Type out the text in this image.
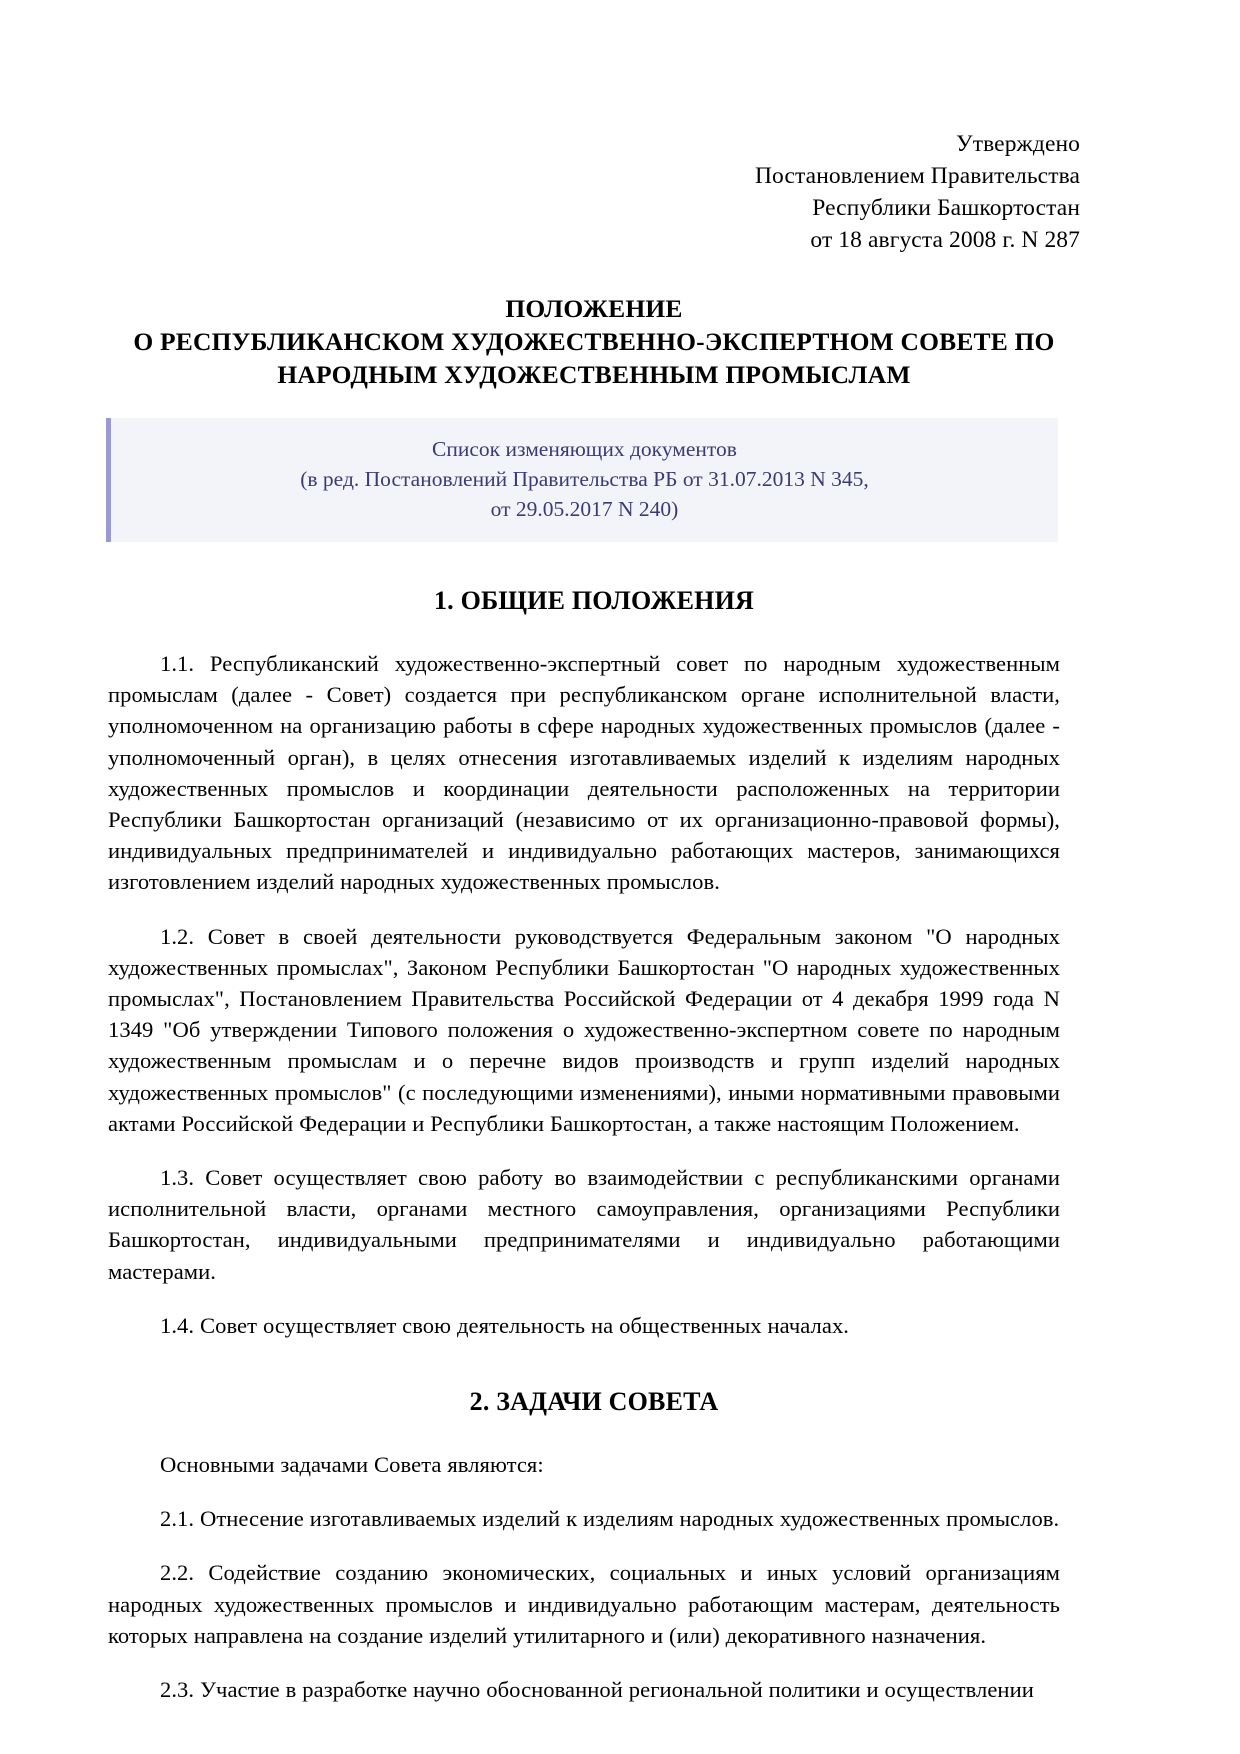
Утверждено
Постановлением Правительства
Республики Башкортостан
от 18 августа 2008 г. N 287
ПОЛОЖЕНИЕ
О РЕСПУБЛИКАНСКОМ ХУДОЖЕСТВЕННО-ЭКСПЕРТНОМ СОВЕТЕ ПО
НАРОДНЫМ ХУДОЖЕСТВЕННЫМ ПРОМЫСЛАМ
Список изменяющих документов
(в ред. Постановлений Правительства РБ от 31.07.2013 N 345,
от 29.05.2017 N 240)
1. ОБЩИЕ ПОЛОЖЕНИЯ

1.1. Республиканский художественно-экспертный совет по народным художественным промыслам (далее - Совет) создается при республиканском органе исполнительной власти, уполномоченном на организацию работы в сфере народных художественных промыслов (далее - уполномоченный орган), в целях отнесения изготавливаемых изделий к изделиям народных художественных промыслов и координации деятельности расположенных на территории Республики Башкортостан организаций (независимо от их организационно-правовой формы), индивидуальных предпринимателей и индивидуально работающих мастеров, занимающихся изготовлением изделий народных художественных промыслов.

1.2. Совет в своей деятельности руководствуется Федеральным законом "О народных художественных промыслах", Законом Республики Башкортостан "О народных художественных промыслах", Постановлением Правительства Российской Федерации от 4 декабря 1999 года N 1349 "Об утверждении Типового положения о художественно-экспертном совете по народным художественным промыслам и о перечне видов производств и групп изделий народных художественных промыслов" (с последующими изменениями), иными нормативными правовыми актами Российской Федерации и Республики Башкортостан, а также настоящим Положением.

1.3. Совет осуществляет свою работу во взаимодействии с республиканскими органами исполнительной власти, органами местного самоуправления, организациями Республики Башкортостан, индивидуальными предпринимателями и индивидуально работающими мастерами.

1.4. Совет осуществляет свою деятельность на общественных началах.

2. ЗАДАЧИ СОВЕТА

Основными задачами Совета являются:

2.1. Отнесение изготавливаемых изделий к изделиям народных художественных промыслов.

2.2. Содействие созданию экономических, социальных и иных условий организациям народных художественных промыслов и индивидуально работающим мастерам, деятельность которых направлена на создание изделий утилитарного и (или) декоративного назначения.

2.3. Участие в разработке научно обоснованной региональной политики и осуществлении
